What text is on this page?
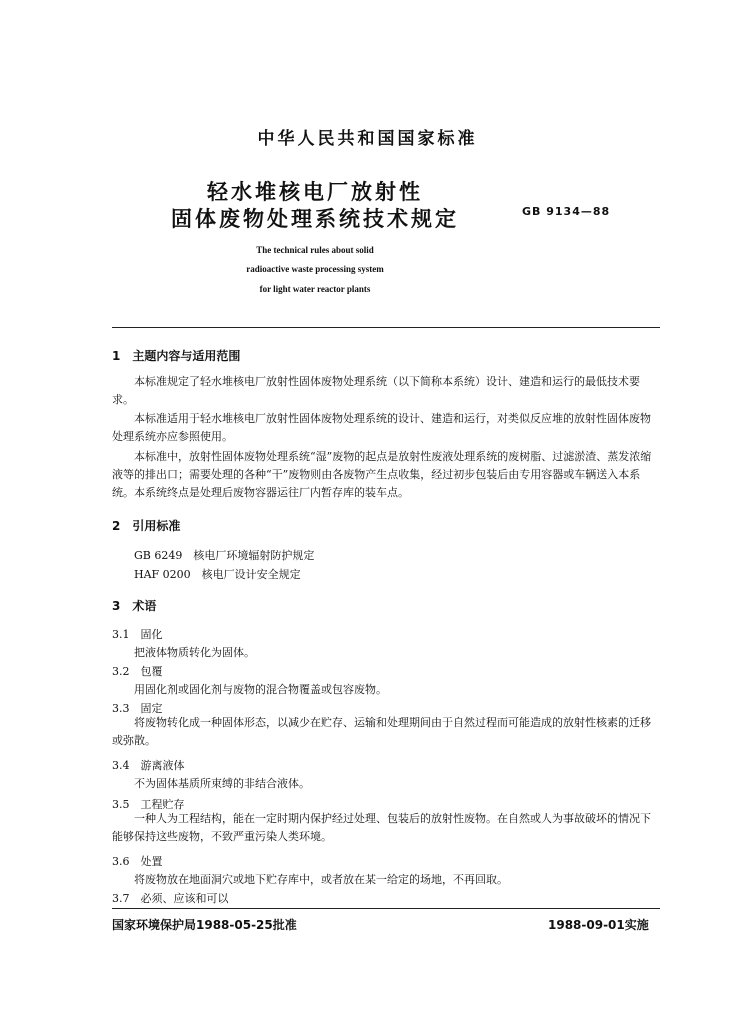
中华人民共和国国家标准
轻水堆核电厂放射性
固体废物处理系统技术规定	GB 9134—88
The technical rules about solid
radioactive waste processing system
for light water reactor plants
1　主题内容与适用范围

本标准规定了轻水堆核电厂放射性固体废物处理系统（以下简称本系统）设计、建造和运行的最低技术要求。

本标准适用于轻水堆核电厂放射性固体废物处理系统的设计、建造和运行，对类似反应堆的放射性固体废物处理系统亦应参照使用。

本标准中，放射性固体废物处理系统“湿”废物的起点是放射性废液处理系统的废树脂、过滤淤渣、蒸发浓缩液等的排出口；需要处理的各种“干”废物则由各废物产生点收集，经过初步包装后由专用容器或车辆送入本系统。本系统终点是处理后废物容器运往厂内暂存库的装车点。

2　引用标准
GB 6249　核电厂环境辐射防护规定
HAF 0200　核电厂设计安全规定
3　术语
3.1　固化
把液体物质转化为固体。
3.2　包覆
用固化剂或固化剂与废物的混合物覆盖或包容废物。
3.3　固定

将废物转化成一种固体形态，以减少在贮存、运输和处理期间由于自然过程而可能造成的放射性核素的迁移或弥散。

3.4　游离液体
不为固体基质所束缚的非结合液体。
3.5　工程贮存

一种人为工程结构，能在一定时期内保护经过处理、包装后的放射性废物。在自然或人为事故破坏的情况下能够保持这些废物，不致严重污染人类环境。

3.6　处置
将废物放在地面洞穴或地下贮存库中，或者放在某一给定的场地，不再回取。
3.7　必须、应该和可以
国家环境保护局1988-05-25批准	1988-09-01实施
